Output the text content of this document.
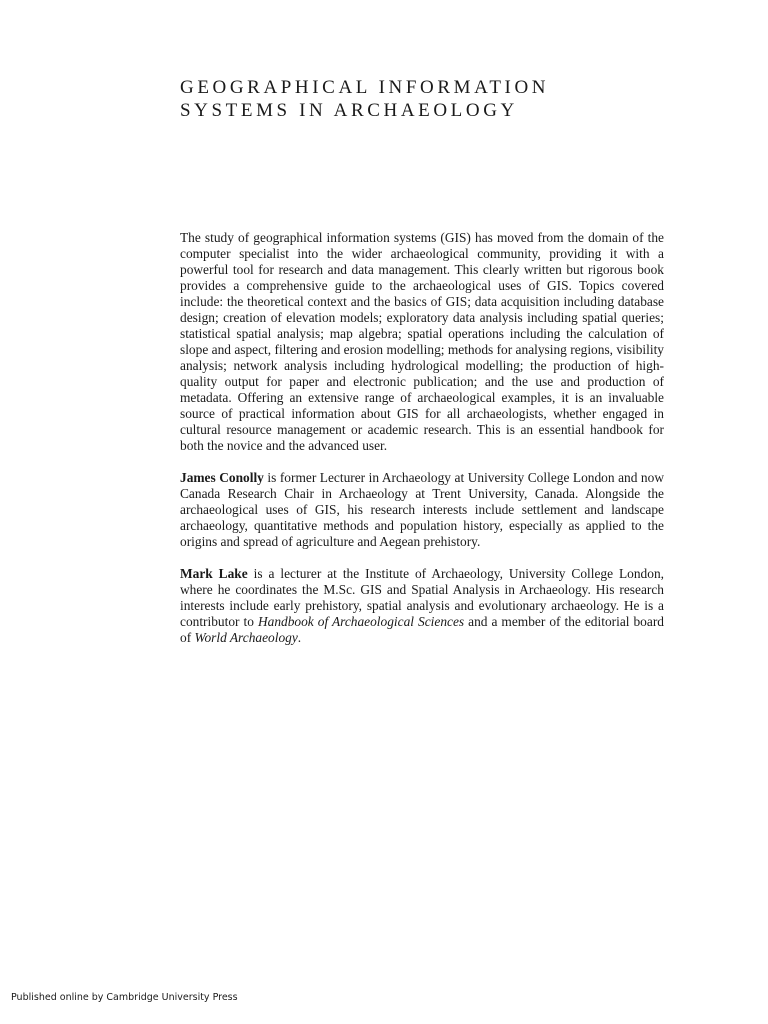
GEOGRAPHICAL INFORMATION
SYSTEMS IN ARCHAEOLOGY

The study of geographical information systems (GIS) has moved from the domain of the computer specialist into the wider archaeological community, providing it with a powerful tool for research and data management. This clearly written but rigorous book provides a comprehensive guide to the archaeological uses of GIS. Topics covered include: the theoretical context and the basics of GIS; data acquisition including database design; creation of elevation models; exploratory data analysis including spatial queries; statistical spatial analysis; map algebra; spatial operations including the calculation of slope and aspect, filtering and erosion modelling; methods for analysing regions, visibility analysis; network analysis including hydrological modelling; the production of high-quality output for paper and electronic publication; and the use and production of metadata. Offering an extensive range of archaeological examples, it is an invaluable source of practical information about GIS for all archaeologists, whether engaged in cultural resource management or academic research. This is an essential handbook for both the novice and the advanced user.

James Conolly is former Lecturer in Archaeology at University College London and now Canada Research Chair in Archaeology at Trent University, Canada. Alongside the archaeological uses of GIS, his research interests include settlement and landscape archaeology, quantitative methods and population history, especially as applied to the origins and spread of agriculture and Aegean prehistory.

Mark Lake is a lecturer at the Institute of Archaeology, University College London, where he coordinates the M.Sc. GIS and Spatial Analysis in Archaeology. His research interests include early prehistory, spatial analysis and evolutionary archaeology. He is a contributor to Handbook of Archaeological Sciences and a member of the editorial board of World Archaeology.

Published online by Cambridge University Press
